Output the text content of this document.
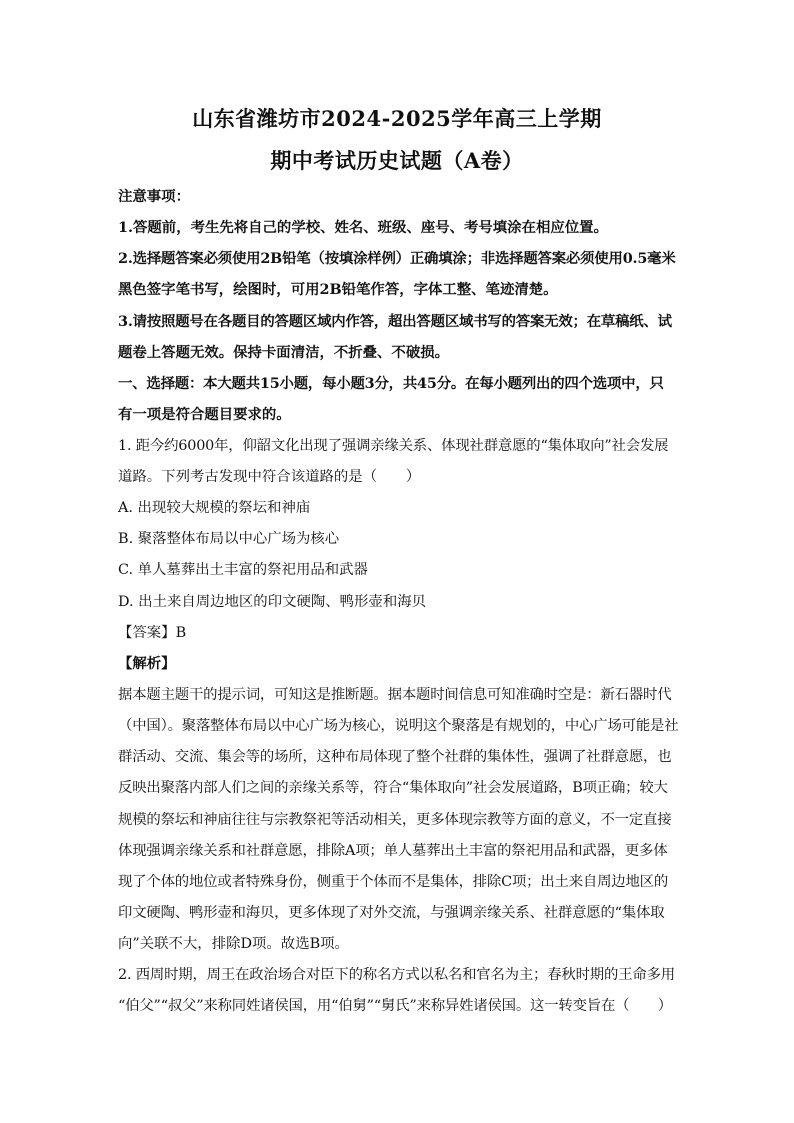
山东省潍坊市2024-2025学年高三上学期
期中考试历史试题（A卷）

注意事项：

1.答题前，考生先将自己的学校、姓名、班级、座号、考号填涂在相应位置。

2.选择题答案必须使用2B铅笔（按填涂样例）正确填涂；非选择题答案必须使用0.5毫米

黑色签字笔书写，绘图时，可用2B铅笔作答，字体工整、笔迹清楚。

3.请按照题号在各题目的答题区域内作答，超出答题区域书写的答案无效；在草稿纸、试

题卷上答题无效。保持卡面清洁，不折叠、不破损。

一、选择题：本大题共15小题，每小题3分，共45分。在每小题列出的四个选项中，只

有一项是符合题目要求的。

1. 距今约6000年，仰韶文化出现了强调亲缘关系、体现社群意愿的“集体取向”社会发展

道路。下列考古发现中符合该道路的是（　　）

A. 出现较大规模的祭坛和神庙

B. 聚落整体布局以中心广场为核心

C. 单人墓葬出土丰富的祭祀用品和武器

D. 出土来自周边地区的印文硬陶、鸭形壶和海贝

【答案】B

【解析】

据本题主题干的提示词，可知这是推断题。据本题时间信息可知准确时空是：新石器时代

（中国）。聚落整体布局以中心广场为核心，说明这个聚落是有规划的，中心广场可能是社

群活动、交流、集会等的场所，这种布局体现了整个社群的集体性，强调了社群意愿，也

反映出聚落内部人们之间的亲缘关系等，符合“集体取向”社会发展道路，B项正确；较大

规模的祭坛和神庙往往与宗教祭祀等活动相关，更多体现宗教等方面的意义，不一定直接

体现强调亲缘关系和社群意愿，排除A项；单人墓葬出土丰富的祭祀用品和武器，更多体

现了个体的地位或者特殊身份，侧重于个体而不是集体，排除C项；出土来自周边地区的

印文硬陶、鸭形壶和海贝，更多体现了对外交流，与强调亲缘关系、社群意愿的“集体取

向”关联不大，排除D项。故选B项。

2. 西周时期，周王在政治场合对臣下的称名方式以私名和官名为主；春秋时期的王命多用

“伯父”“叔父”来称同姓诸侯国，用“伯舅”“舅氏”来称异姓诸侯国。这一转变旨在（　　）
